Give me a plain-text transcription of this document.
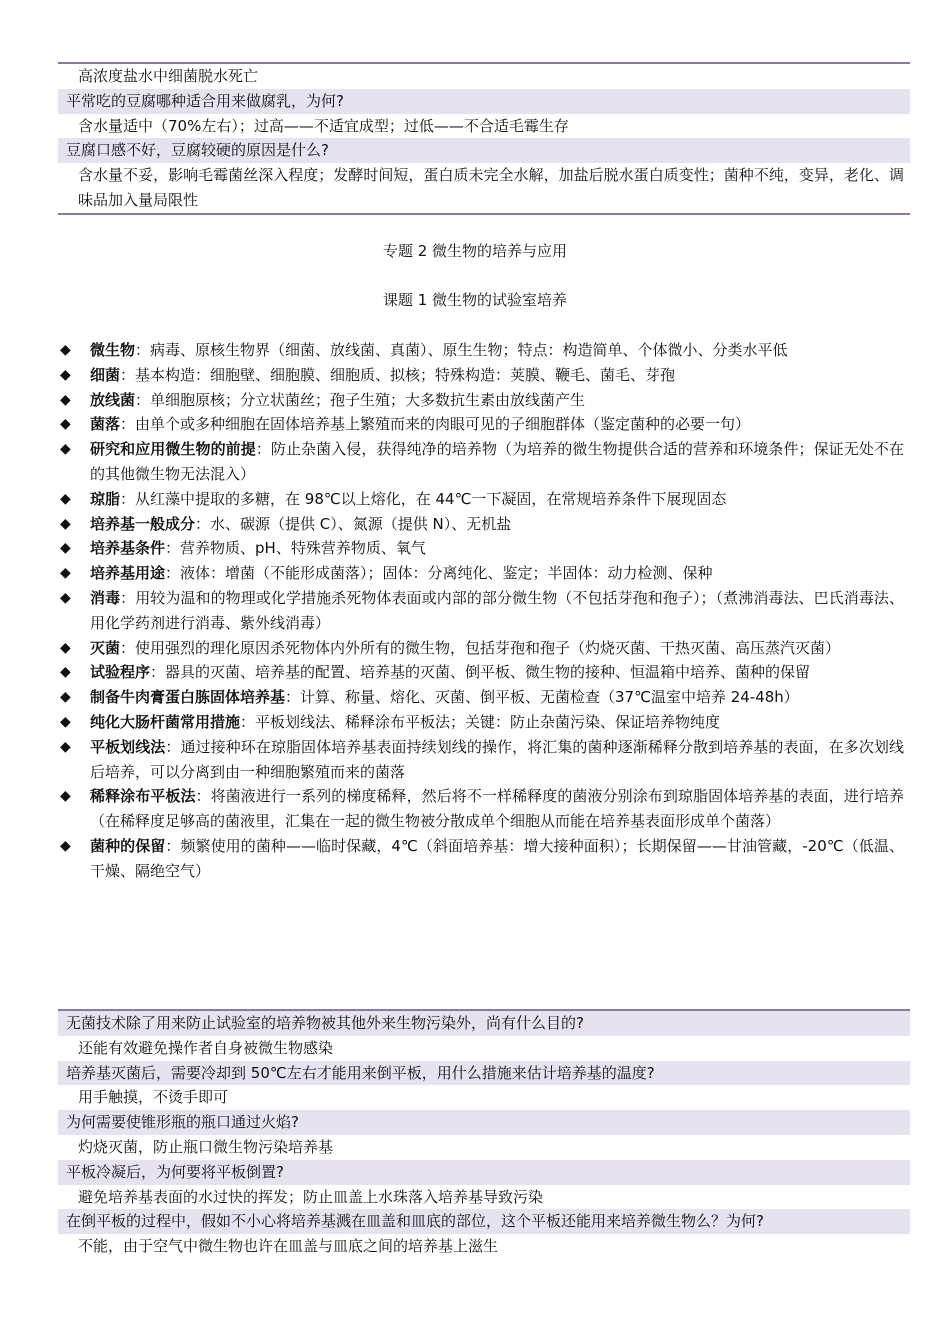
高浓度盐水中细菌脱水死亡
平常吃的豆腐哪种适合用来做腐乳，为何?
含水量适中（70%左右）；过高——不适宜成型；过低——不合适毛霉生存
豆腐口感不好，豆腐较硬的原因是什么?
含水量不妥，影响毛霉菌丝深入程度；发酵时间短，蛋白质未完全水解，加盐后脱水蛋白质变性；菌种不纯，变异，老化、调味品加入量局限性
专题 2 微生物的培养与应用
课题 1 微生物的试验室培养
◆ 微生物：病毒、原核生物界（细菌、放线菌、真菌）、原生生物；特点：构造简单、个体微小、分类水平低
◆ 细菌：基本构造：细胞壁、细胞膜、细胞质、拟核；特殊构造：荚膜、鞭毛、菌毛、芽孢
◆ 放线菌：单细胞原核；分立状菌丝；孢子生殖；大多数抗生素由放线菌产生
◆ 菌落：由单个或多种细胞在固体培养基上繁殖而来的肉眼可见的子细胞群体（鉴定菌种的必要一句）
◆ 研究和应用微生物的前提：防止杂菌入侵，获得纯净的培养物（为培养的微生物提供合适的营养和环境条件；保证无处不在的其他微生物无法混入）
◆ 琼脂：从红藻中提取的多糖，在 98℃以上熔化，在 44℃一下凝固，在常规培养条件下展现固态
◆ 培养基一般成分：水、碳源（提供 C）、氮源（提供 N）、无机盐
◆ 培养基条件：营养物质、pH、特殊营养物质、氧气
◆ 培养基用途：液体：增菌（不能形成菌落）；固体：分离纯化、鉴定；半固体：动力检测、保种
◆ 消毒：用较为温和的物理或化学措施杀死物体表面或内部的部分微生物（不包括芽孢和孢子）；（煮沸消毒法、巴氏消毒法、用化学药剂进行消毒、紫外线消毒）
◆ 灭菌：使用强烈的理化原因杀死物体内外所有的微生物，包括芽孢和孢子（灼烧灭菌、干热灭菌、高压蒸汽灭菌）
◆ 试验程序：器具的灭菌、培养基的配置、培养基的灭菌、倒平板、微生物的接种、恒温箱中培养、菌种的保留
◆ 制备牛肉膏蛋白胨固体培养基：计算、称量、熔化、灭菌、倒平板、无菌检查（37℃温室中培养 24-48h）
◆ 纯化大肠杆菌常用措施：平板划线法、稀释涂布平板法；关键：防止杂菌污染、保证培养物纯度
◆ 平板划线法：通过接种环在琼脂固体培养基表面持续划线的操作，将汇集的菌种逐渐稀释分散到培养基的表面，在多次划线后培养，可以分离到由一种细胞繁殖而来的菌落
◆ 稀释涂布平板法：将菌液进行一系列的梯度稀释，然后将不一样稀释度的菌液分别涂布到琼脂固体培养基的表面，进行培养（在稀释度足够高的菌液里，汇集在一起的微生物被分散成单个细胞从而能在培养基表面形成单个菌落）
◆ 菌种的保留：频繁使用的菌种——临时保藏，4℃（斜面培养基：增大接种面积）；长期保留——甘油管藏，-20℃（低温、干燥、隔绝空气）
无菌技术除了用来防止试验室的培养物被其他外来生物污染外，尚有什么目的?
还能有效避免操作者自身被微生物感染
培养基灭菌后，需要冷却到 50℃左右才能用来倒平板，用什么措施来估计培养基的温度?
用手触摸，不烫手即可
为何需要使锥形瓶的瓶口通过火焰?
灼烧灭菌，防止瓶口微生物污染培养基
平板冷凝后，为何要将平板倒置?
避免培养基表面的水过快的挥发；防止皿盖上水珠落入培养基导致污染
在倒平板的过程中，假如不小心将培养基溅在皿盖和皿底的部位，这个平板还能用来培养微生物么？为何?
不能，由于空气中微生物也许在皿盖与皿底之间的培养基上滋生
